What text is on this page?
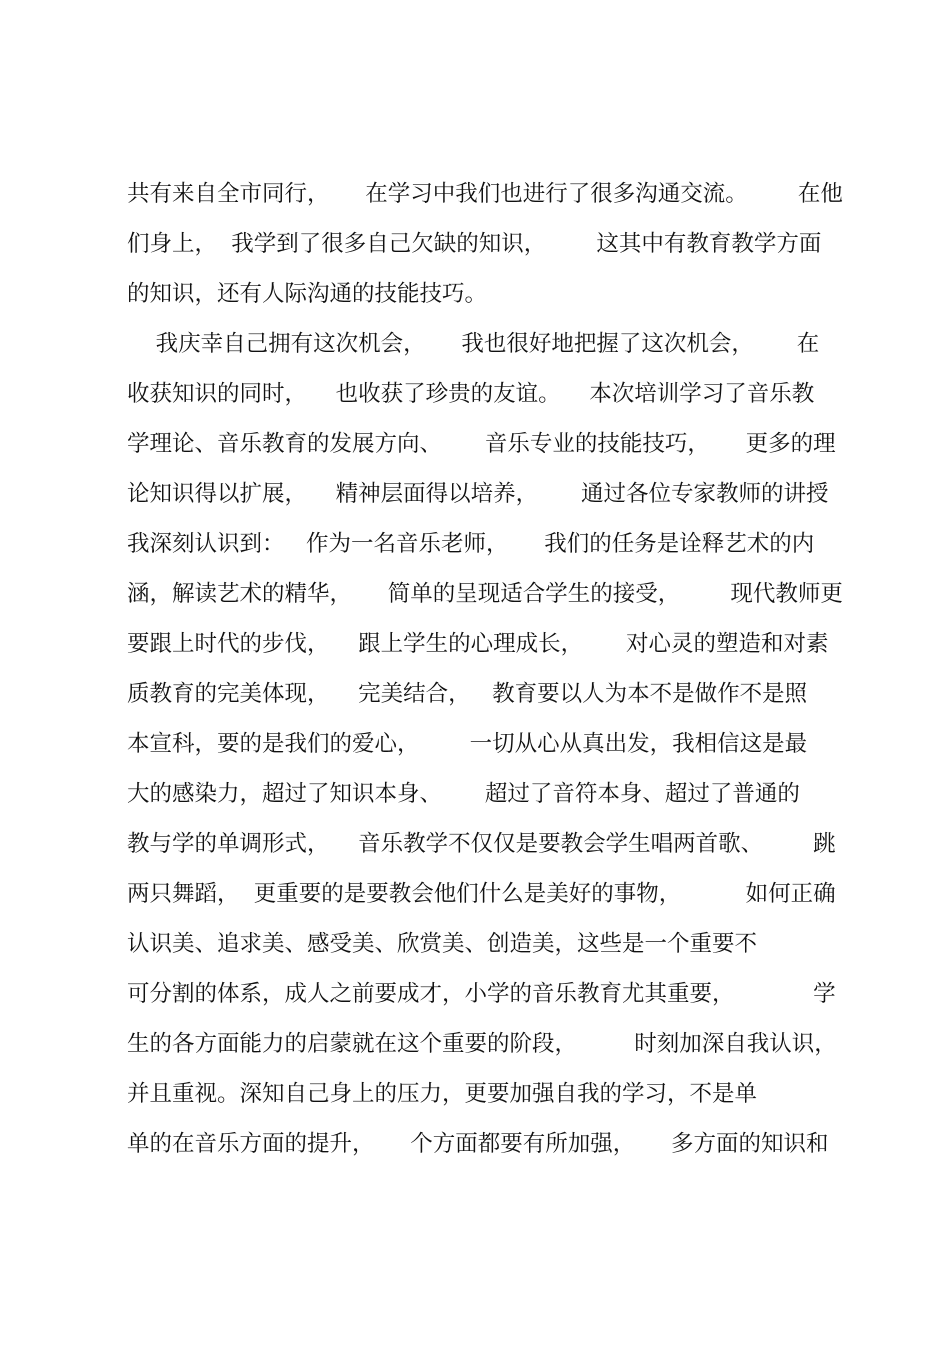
共有来自全市同行，     在学习中我们也进行了很多沟通交流。       在他
们身上，  我学到了很多自己欠缺的知识，       这其中有教育教学方面
的知识，还有人际沟通的技能技巧。
我庆幸自己拥有这次机会，     我也很好地把握了这次机会，      在
收获知识的同时，    也收获了珍贵的友谊。    本次培训学习了音乐教
学理论、音乐教育的发展方向、      音乐专业的技能技巧，     更多的理
论知识得以扩展，    精神层面得以培养，      通过各位专家教师的讲授
我深刻认识到：   作为一名音乐老师，     我们的任务是诠释艺术的内
涵，解读艺术的精华，     简单的呈现适合学生的接受，       现代教师更
要跟上时代的步伐，    跟上学生的心理成长，      对心灵的塑造和对素
质教育的完美体现，    完美结合，   教育要以人为本不是做作不是照
本宣科，要的是我们的爱心，       一切从心从真出发，我相信这是最
大的感染力，超过了知识本身、      超过了音符本身、超过了普通的
教与学的单调形式，    音乐教学不仅仅是要教会学生唱两首歌、       跳
两只舞蹈，  更重要的是要教会他们什么是美好的事物，         如何正确
认识美、追求美、感受美、欣赏美、创造美，这些是一个重要不
可分割的体系，成人之前要成才，小学的音乐教育尤其重要，           学
生的各方面能力的启蒙就在这个重要的阶段，        时刻加深自我认识，
并且重视。深知自己身上的压力，更要加强自我的学习，不是单
单的在音乐方面的提升，     个方面都要有所加强，     多方面的知识和
